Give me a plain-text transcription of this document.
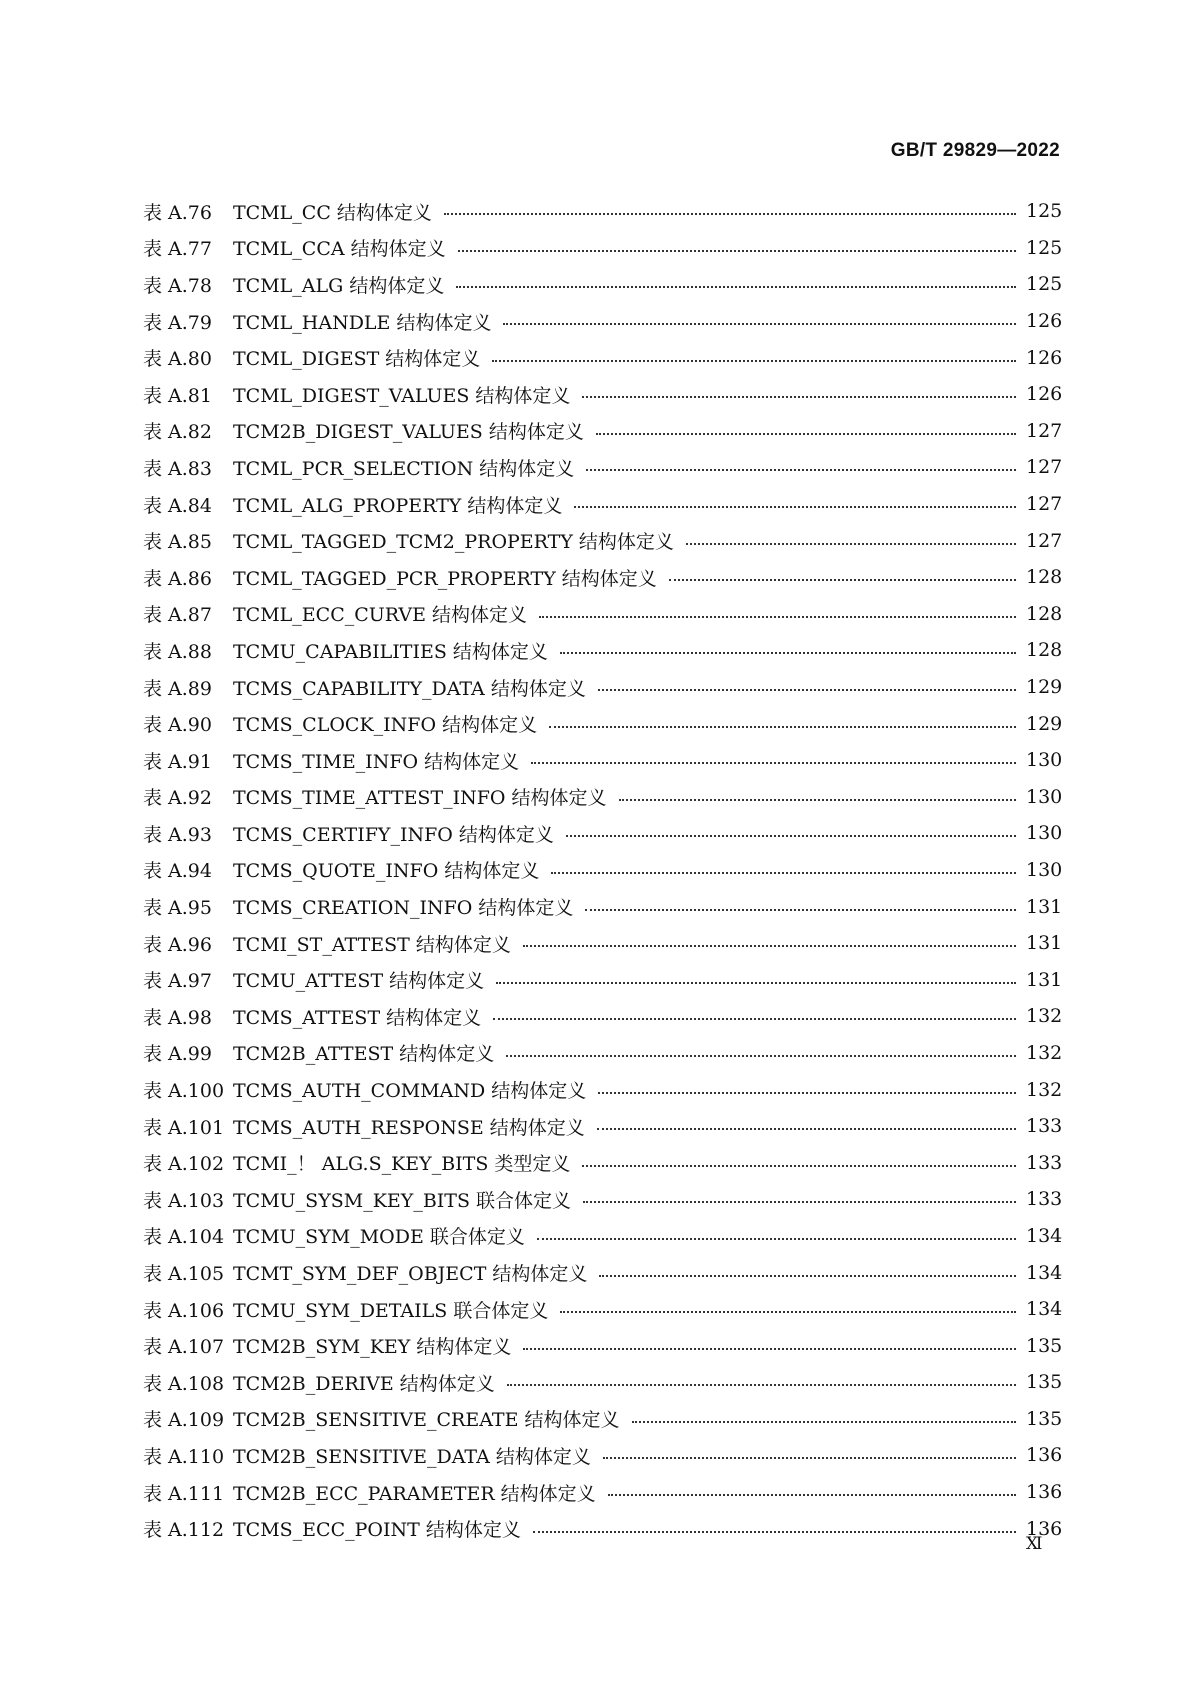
GB/T 29829—2022
表 A.76	TCML_CC 结构体定义	125
表 A.77	TCML_CCA 结构体定义	125
表 A.78	TCML_ALG 结构体定义	125
表 A.79	TCML_HANDLE 结构体定义	126
表 A.80	TCML_DIGEST 结构体定义	126
表 A.81	TCML_DIGEST_VALUES 结构体定义	126
表 A.82	TCM2B_DIGEST_VALUES 结构体定义	127
表 A.83	TCML_PCR_SELECTION 结构体定义	127
表 A.84	TCML_ALG_PROPERTY 结构体定义	127
表 A.85	TCML_TAGGED_TCM2_PROPERTY 结构体定义	127
表 A.86	TCML_TAGGED_PCR_PROPERTY 结构体定义	128
表 A.87	TCML_ECC_CURVE 结构体定义	128
表 A.88	TCMU_CAPABILITIES 结构体定义	128
表 A.89	TCMS_CAPABILITY_DATA 结构体定义	129
表 A.90	TCMS_CLOCK_INFO 结构体定义	129
表 A.91	TCMS_TIME_INFO 结构体定义	130
表 A.92	TCMS_TIME_ATTEST_INFO 结构体定义	130
表 A.93	TCMS_CERTIFY_INFO 结构体定义	130
表 A.94	TCMS_QUOTE_INFO 结构体定义	130
表 A.95	TCMS_CREATION_INFO 结构体定义	131
表 A.96	TCMI_ST_ATTEST 结构体定义	131
表 A.97	TCMU_ATTEST 结构体定义	131
表 A.98	TCMS_ATTEST 结构体定义	132
表 A.99	TCM2B_ATTEST 结构体定义	132
表 A.100 TCMS_AUTH_COMMAND 结构体定义	132
表 A.101 TCMS_AUTH_RESPONSE 结构体定义	133
表 A.102 TCMI_！ ALG.S_KEY_BITS 类型定义	133
表 A.103 TCMU_SYSM_KEY_BITS 联合体定义	133
表 A.104 TCMU_SYM_MODE 联合体定义	134
表 A.105 TCMT_SYM_DEF_OBJECT 结构体定义	134
表 A.106 TCMU_SYM_DETAILS 联合体定义	134
表 A.107 TCM2B_SYM_KEY 结构体定义	135
表 A.108 TCM2B_DERIVE 结构体定义	135
表 A.109 TCM2B_SENSITIVE_CREATE 结构体定义	135
表 A.110 TCM2B_SENSITIVE_DATA 结构体定义	136
表 A.111 TCM2B_ECC_PARAMETER 结构体定义	136
表 A.112 TCMS_ECC_POINT 结构体定义	136
Ⅺ
